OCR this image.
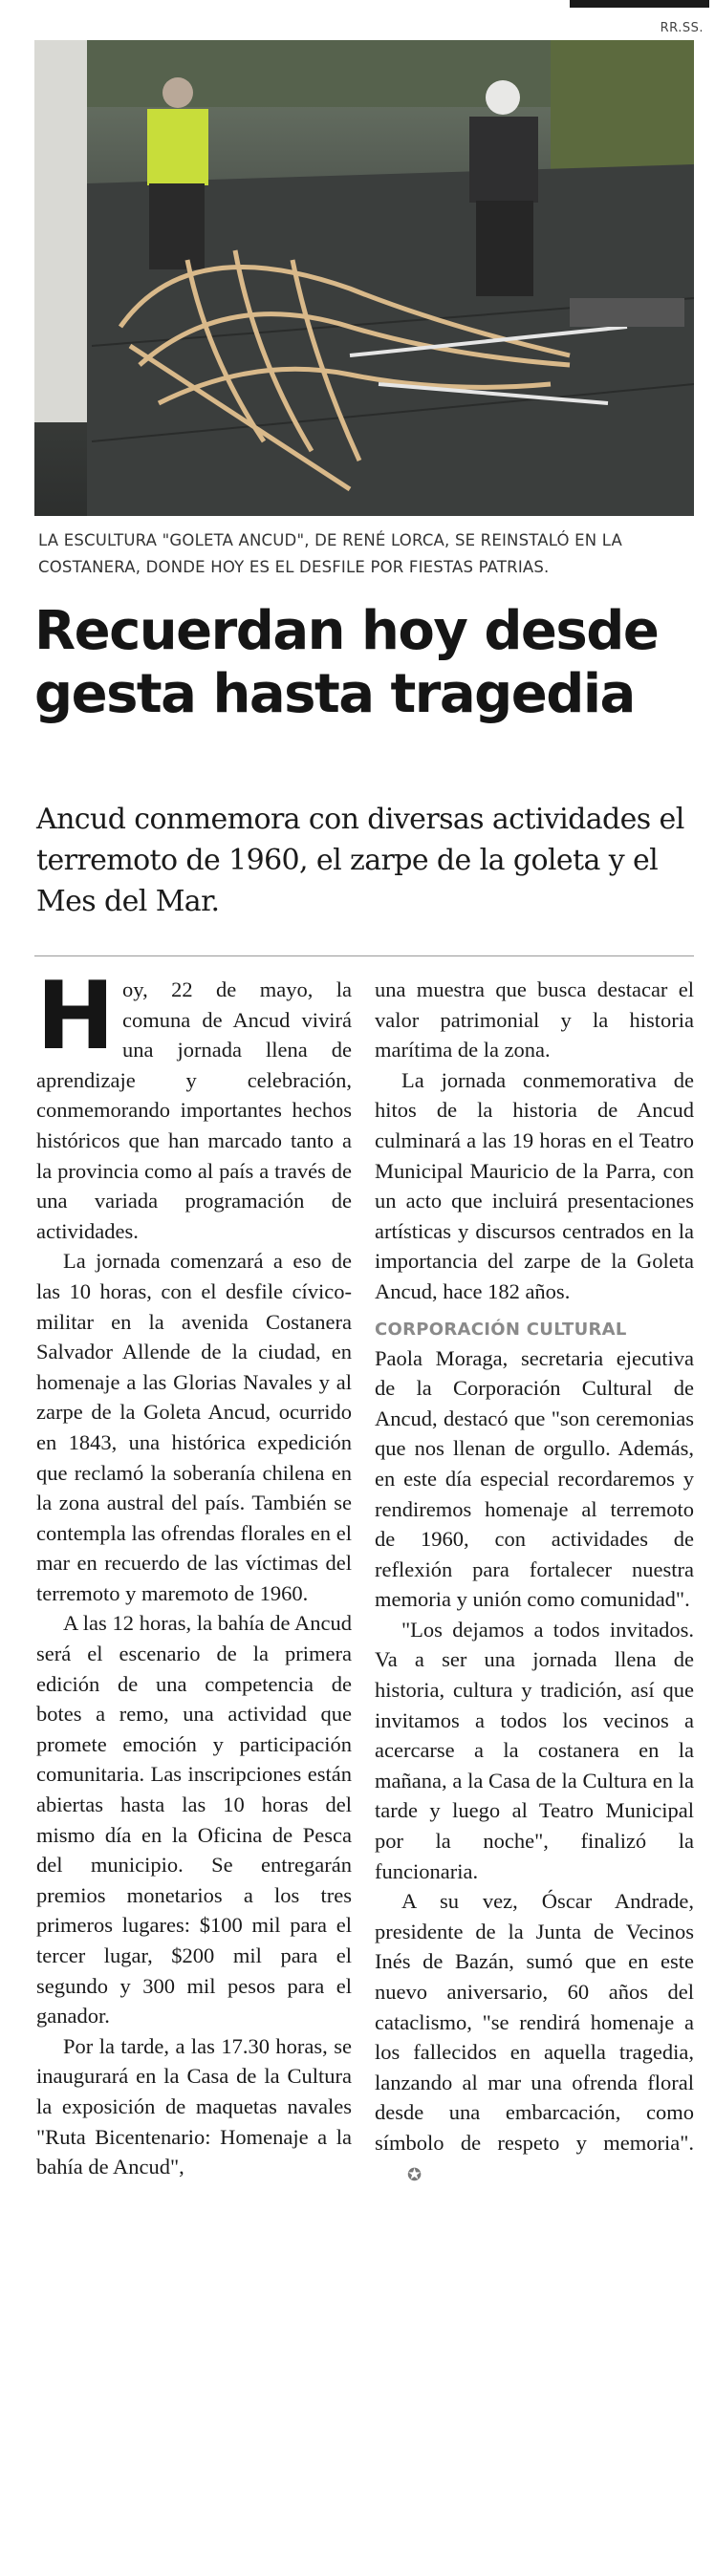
RR.SS.
LA ESCULTURA "GOLETA ANCUD", DE RENÉ LORCA, SE REINSTALÓ EN LA COSTANERA, DONDE HOY ES EL DESFILE POR FIESTAS PATRIAS.
Recuerdan hoy desde gesta hasta tragedia
Ancud conmemora con diversas actividades el terremoto de 1960, el zarpe de la goleta y el Mes del Mar.

Hoy, 22 de mayo, la comuna de Ancud vivirá una jornada llena de aprendizaje y celebración, conmemorando importantes hechos históricos que han marcado tanto a la provincia como al país a través de una variada programación de actividades.

La jornada comenzará a eso de las 10 horas, con el desfile cívico-militar en la avenida Costanera Salvador Allende de la ciudad, en homenaje a las Glorias Navales y al zarpe de la Goleta Ancud, ocurrido en 1843, una histórica expedición que reclamó la soberanía chilena en la zona austral del país. También se contempla las ofrendas florales en el mar en recuerdo de las víctimas del terremoto y maremoto de 1960.

A las 12 horas, la bahía de Ancud será el escenario de la primera edición de una competencia de botes a remo, una actividad que promete emoción y participación comunitaria. Las inscripciones están abiertas hasta las 10 horas del mismo día en la Oficina de Pesca del municipio. Se entregarán premios monetarios a los tres primeros lugares: $100 mil para el tercer lugar, $200 mil para el segundo y 300 mil pesos para el ganador.

Por la tarde, a las 17.30 horas, se inaugurará en la Casa de la Cultura la exposición de maquetas navales "Ruta Bicentenario: Homenaje a la bahía de Ancud",

una muestra que busca destacar el valor patrimonial y la historia marítima de la zona.

La jornada conmemorativa de hitos de la historia de Ancud culminará a las 19 horas en el Teatro Municipal Mauricio de la Parra, con un acto que incluirá presentaciones artísticas y discursos centrados en la importancia del zarpe de la Goleta Ancud, hace 182 años.

CORPORACIÓN CULTURAL

Paola Moraga, secretaria ejecutiva de la Corporación Cultural de Ancud, destacó que "son ceremonias que nos llenan de orgullo. Además, en este día especial recordaremos y rendiremos homenaje al terremoto de 1960, con actividades de reflexión para fortalecer nuestra memoria y unión como comunidad".

"Los dejamos a todos invitados. Va a ser una jornada llena de historia, cultura y tradición, así que invitamos a todos los vecinos a acercarse a la costanera en la mañana, a la Casa de la Cultura en la tarde y luego al Teatro Municipal por la noche", finalizó la funcionaria.

A su vez, Óscar Andrade, presidente de la Junta de Vecinos Inés de Bazán, sumó que en este nuevo aniversario, 60 años del cataclismo, "se rendirá homenaje a los fallecidos en aquella tragedia, lanzando al mar una ofrenda floral desde una embarcación, como símbolo de respeto y memoria".✪
